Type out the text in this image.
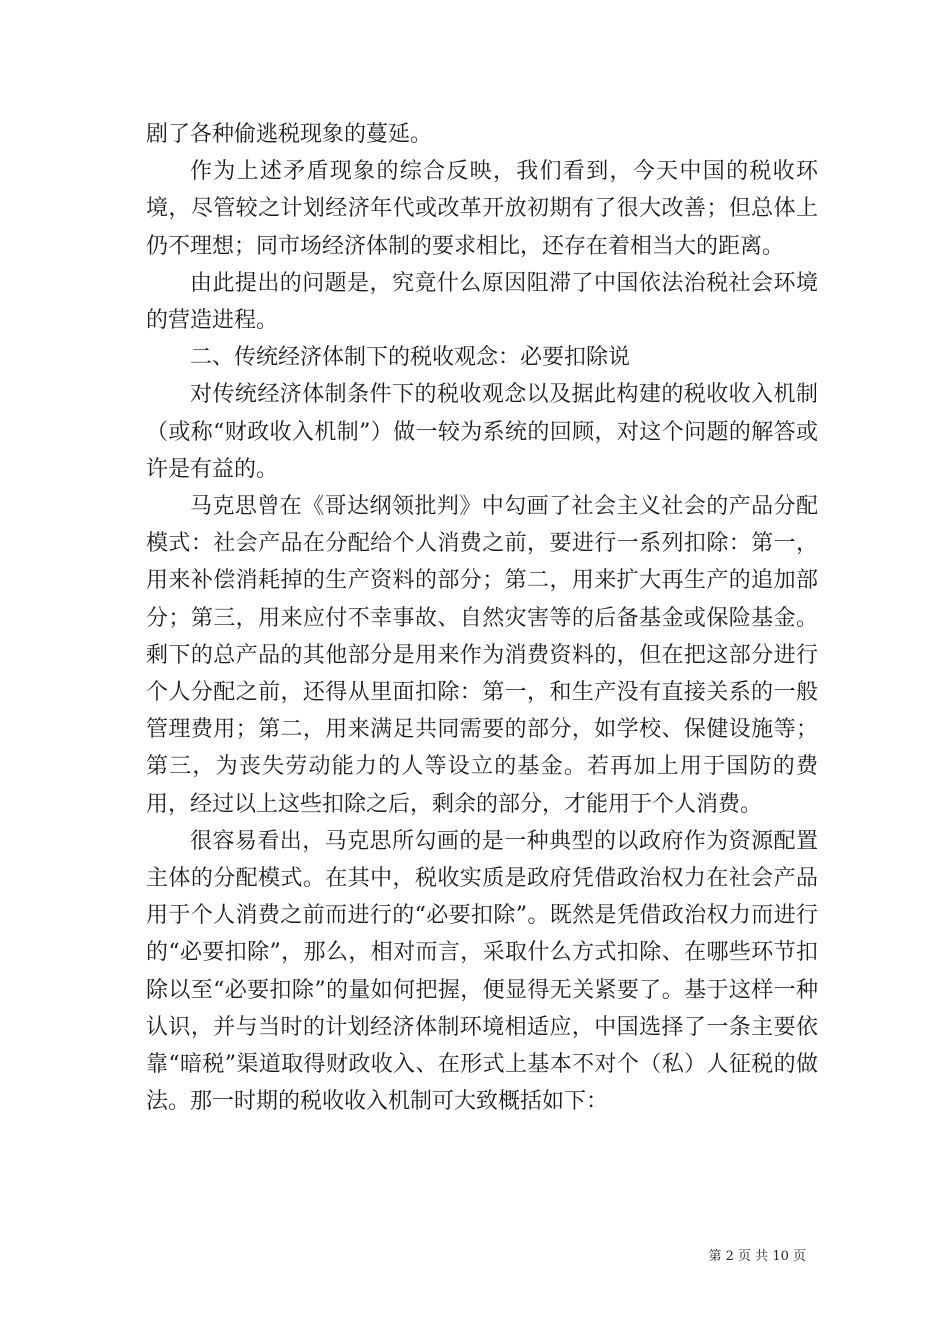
剧了各种偷逃税现象的蔓延。

作为上述矛盾现象的综合反映，我们看到，今天中国的税收环境，尽管较之计划经济年代或改革开放初期有了很大改善；但总体上仍不理想；同市场经济体制的要求相比，还存在着相当大的距离。

由此提出的问题是，究竟什么原因阻滞了中国依法治税社会环境的营造进程。

二、传统经济体制下的税收观念：必要扣除说

对传统经济体制条件下的税收观念以及据此构建的税收收入机制（或称“财政收入机制”）做一较为系统的回顾，对这个问题的解答或许是有益的。

马克思曾在《哥达纲领批判》中勾画了社会主义社会的产品分配模式：社会产品在分配给个人消费之前，要进行一系列扣除：第一，用来补偿消耗掉的生产资料的部分；第二，用来扩大再生产的追加部分；第三，用来应付不幸事故、自然灾害等的后备基金或保险基金。剩下的总产品的其他部分是用来作为消费资料的，但在把这部分进行个人分配之前，还得从里面扣除：第一，和生产没有直接关系的一般管理费用；第二，用来满足共同需要的部分，如学校、保健设施等；第三，为丧失劳动能力的人等设立的基金。若再加上用于国防的费用，经过以上这些扣除之后，剩余的部分，才能用于个人消费。

很容易看出，马克思所勾画的是一种典型的以政府作为资源配置主体的分配模式。在其中，税收实质是政府凭借政治权力在社会产品用于个人消费之前而进行的“必要扣除”。既然是凭借政治权力而进行的“必要扣除”，那么，相对而言，采取什么方式扣除、在哪些环节扣除以至“必要扣除”的量如何把握，便显得无关紧要了。基于这样一种认识，并与当时的计划经济体制环境相适应，中国选择了一条主要依靠“暗税”渠道取得财政收入、在形式上基本不对个（私）人征税的做法。那一时期的税收收入机制可大致概括如下：

第 2 页 共 10 页
